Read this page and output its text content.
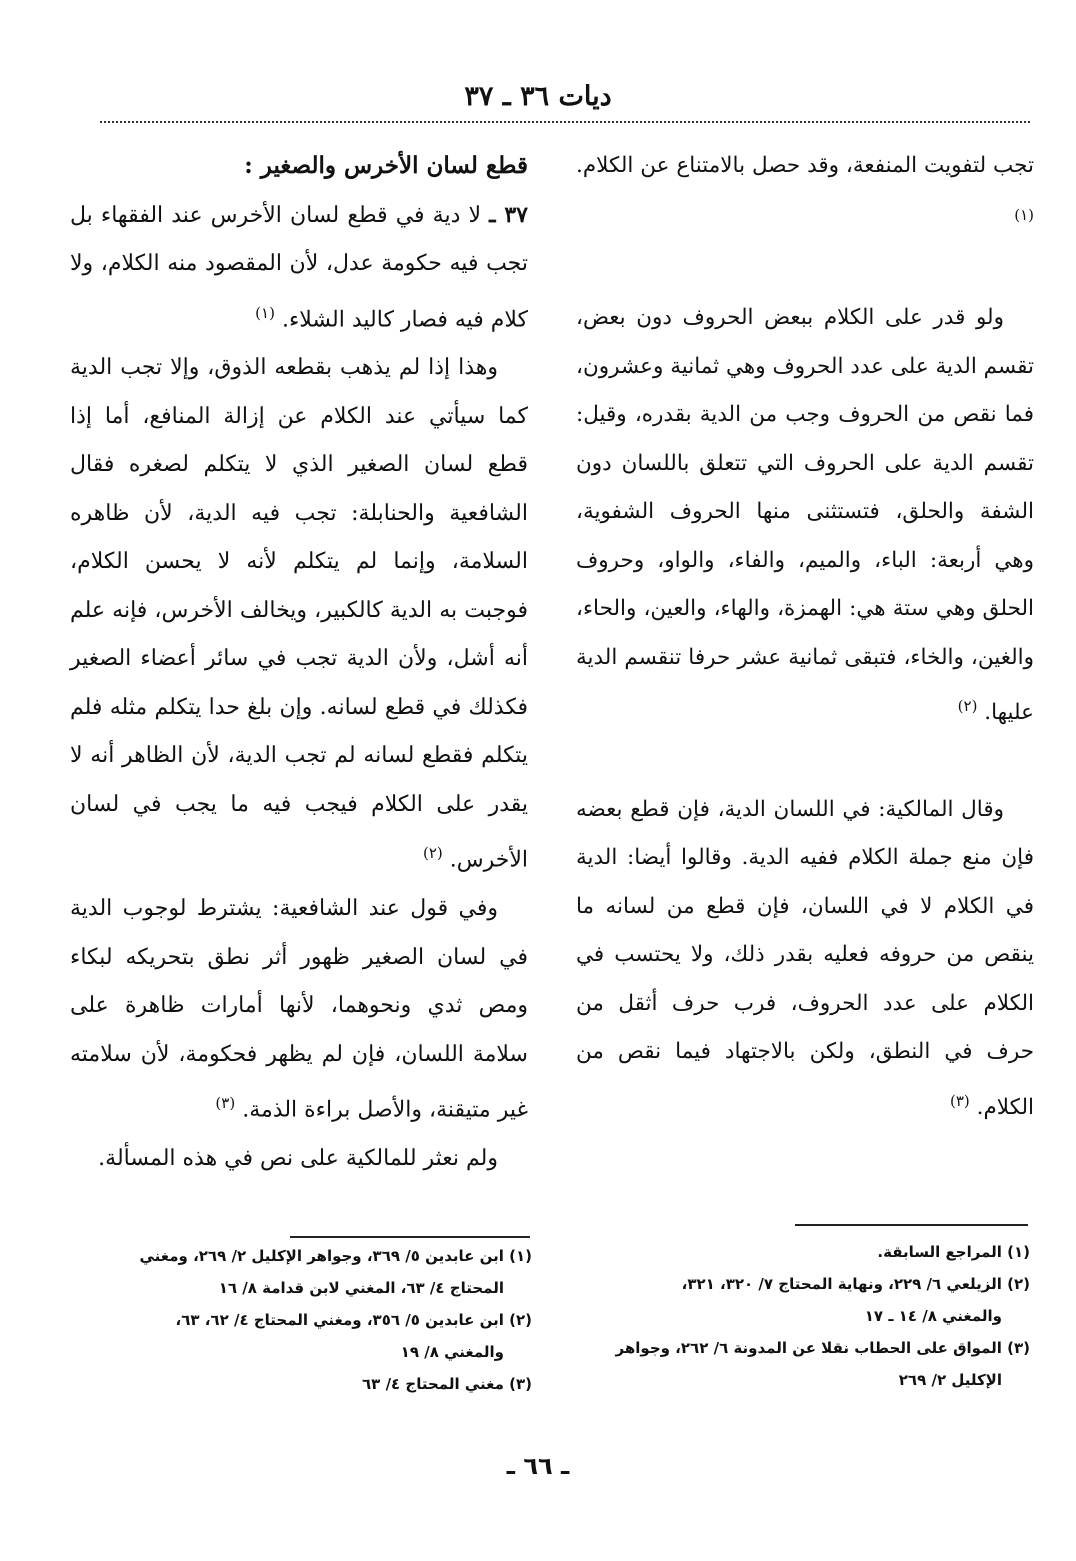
ديات ٣٦ ـ ٣٧

تجب لتفويت المنفعة، وقد حصل بالامتناع عن الكلام. $^{(١)}$

ولو قدر على الكلام ببعض الحروف دون بعض، تقسم الدية على عدد الحروف وهي ثمانية وعشرون، فما نقص من الحروف وجب من الدية بقدره، وقيل: تقسم الدية على الحروف التي تتعلق باللسان دون الشفة والحلق، فتستثنى منها الحروف الشفوية، وهي أربعة: الباء، والميم، والفاء، والواو، وحروف الحلق وهي ستة هي: الهمزة، والهاء، والعين، والحاء، والغين، والخاء، فتبقى ثمانية عشر حرفا تنقسم الدية عليها. $^{(٢)}$

وقال المالكية: في اللسان الدية، فإن قطع بعضه فإن منع جملة الكلام ففيه الدية. وقالوا أيضا: الدية في الكلام لا في اللسان، فإن قطع من لسانه ما ينقص من حروفه فعليه بقدر ذلك، ولا يحتسب في الكلام على عدد الحروف، فرب حرف أثقل من حرف في النطق، ولكن بالاجتهاد فيما نقص من الكلام. $^{(٣)}$

قطع لسان الأخرس والصغير :

٣٧ ـ لا دية في قطع لسان الأخرس عند الفقهاء بل تجب فيه حكومة عدل، لأن المقصود منه الكلام، ولا كلام فيه فصار كاليد الشلاء. $^{(١)}$

وهذا إذا لم يذهب بقطعه الذوق، وإلا تجب الدية كما سيأتي عند الكلام عن إزالة المنافع، أما إذا قطع لسان الصغير الذي لا يتكلم لصغره فقال الشافعية والحنابلة: تجب فيه الدية، لأن ظاهره السلامة، وإنما لم يتكلم لأنه لا يحسن الكلام، فوجبت به الدية كالكبير، ويخالف الأخرس، فإنه علم أنه أشل، ولأن الدية تجب في سائر أعضاء الصغير فكذلك في قطع لسانه. وإن بلغ حدا يتكلم مثله فلم يتكلم فقطع لسانه لم تجب الدية، لأن الظاهر أنه لا يقدر على الكلام فيجب فيه ما يجب في لسان الأخرس. $^{(٢)}$

وفي قول عند الشافعية: يشترط لوجوب الدية في لسان الصغير ظهور أثر نطق بتحريكه لبكاء ومص ثدي ونحوهما، لأنها أمارات ظاهرة على سلامة اللسان، فإن لم يظهر فحكومة، لأن سلامته غير متيقنة، والأصل براءة الذمة. $^{(٣)}$

ولم نعثر للمالكية على نص في هذه المسألة.

(١) المراجع السابقة.

(٢) الزيلعي ٦/ ٢٢٩، ونهاية المحتاج ٧/ ٣٢٠، ٣٢١،

والمغني ٨/ ١٤ ـ ١٧

(٣) المواق على الحطاب نقلا عن المدونة ٦/ ٢٦٢، وجواهر

الإكليل ٢/ ٢٦٩

(١) ابن عابدين ٥/ ٣٦٩، وجواهر الإكليل ٢/ ٢٦٩، ومغني

المحتاج ٤/ ٦٣، المغني لابن قدامة ٨/ ١٦

(٢) ابن عابدين ٥/ ٣٥٦، ومغني المحتاج ٤/ ٦٢، ٦٣،

والمغني ٨/ ١٩

(٣) مغني المحتاج ٤/ ٦٣

ـ ٦٦ ـ
